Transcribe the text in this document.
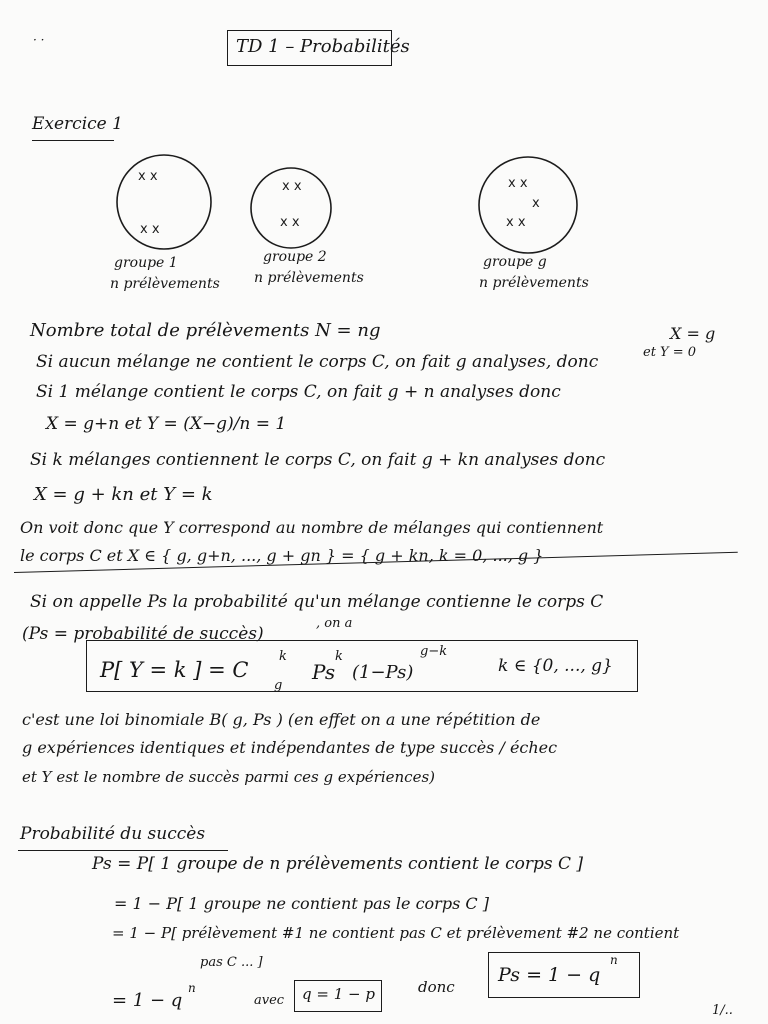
· ·	TD 1 – Probabilités
Exercice 1
x x
x x
x x
x x
x x
x
x x
groupe 1
n prélèvements
groupe 2
n prélèvements
groupe g
n prélèvements
Nombre total de prélèvements N = ng
Si aucun mélange ne contient le corps C, on fait g analyses, donc
X = g
et Y = 0
Si 1 mélange contient le corps C, on fait g + n analyses donc
X = g+n et Y = (X−g)/n = 1
Si k mélanges contiennent le corps C, on fait g + kn analyses donc
X = g + kn et Y = k
On voit donc que Y correspond au nombre de mélanges qui contiennent
le corps C et X ∈ { g, g+n, ..., g + gn } = { g + kn, k = 0, ..., g }
Si on appelle Ps la probabilité qu'un mélange contienne le corps C
(Ps = probabilité de succès)
, on a
P[ Y = k ] = C
k
g
Ps
k
(1−Ps)
g−k
k ∈ {0, ..., g}
c'est une loi binomiale B( g, Ps ) (en effet on a une répétition de
g expériences identiques et indépendantes de type succès / échec
et Y est le nombre de succès parmi ces g expériences)
Probabilité du succès
Ps = P[ 1 groupe de n prélèvements contient le corps C ]
= 1 − P[ 1 groupe ne contient pas le corps C ]
= 1 − P[ prélèvement #1 ne contient pas C et prélèvement #2 ne contient
pas C ... ]
= 1 − q
n
avec q = 1 − p	donc
Ps = 1 − q
n
1/..
